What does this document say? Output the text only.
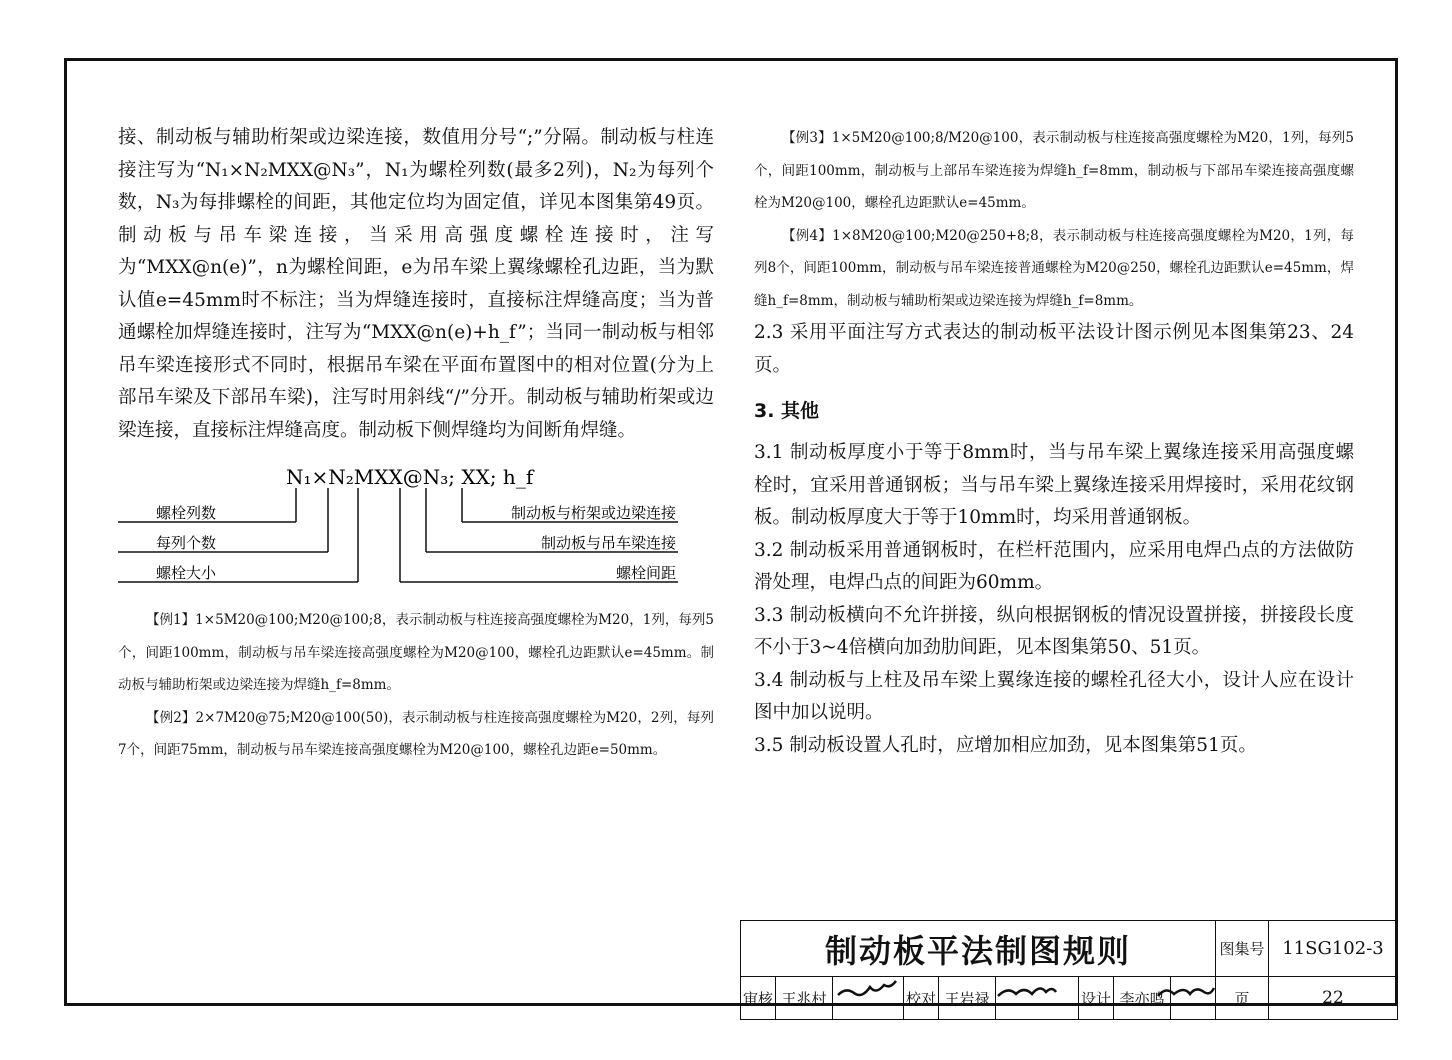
接、制动板与辅助桁架或边梁连接，数值用分号“;”分隔。制动板与柱连接注写为“N₁×N₂MXX@N₃”，N₁为螺栓列数(最多2列)，N₂为每列个数，N₃为每排螺栓的间距，其他定位均为固定值，详见本图集第49页。制动板与吊车梁连接，当采用高强度螺栓连接时，注写为“MXX@n(e)”，n为螺栓间距，e为吊车梁上翼缘螺栓孔边距，当为默认值e=45mm时不标注；当为焊缝连接时，直接标注焊缝高度；当为普通螺栓加焊缝连接时，注写为“MXX@n(e)+h_f”；当同一制动板与相邻吊车梁连接形式不同时，根据吊车梁在平面布置图中的相对位置(分为上部吊车梁及下部吊车梁)，注写时用斜线“/”分开。制动板与辅助桁架或边梁连接，直接标注焊缝高度。制动板下侧焊缝均为间断角焊缝。

N₁×N₂MXX@N₃; XX; h_f
螺栓列数
每列个数
螺栓大小
制动板与桁架或边梁连接
制动板与吊车梁连接
螺栓间距

【例1】1×5M20@100;M20@100;8，表示制动板与柱连接高强度螺栓为M20，1列，每列5个，间距100mm，制动板与吊车梁连接高强度螺栓为M20@100，螺栓孔边距默认e=45mm。制动板与辅助桁架或边梁连接为焊缝h_f=8mm。

【例2】2×7M20@75;M20@100(50)，表示制动板与柱连接高强度螺栓为M20，2列，每列7个，间距75mm，制动板与吊车梁连接高强度螺栓为M20@100，螺栓孔边距e=50mm。

【例3】1×5M20@100;8/M20@100，表示制动板与柱连接高强度螺栓为M20，1列，每列5个，间距100mm，制动板与上部吊车梁连接为焊缝h_f=8mm，制动板与下部吊车梁连接高强度螺栓为M20@100，螺栓孔边距默认e=45mm。

【例4】1×8M20@100;M20@250+8;8，表示制动板与柱连接高强度螺栓为M20，1列，每列8个，间距100mm，制动板与吊车梁连接普通螺栓为M20@250，螺栓孔边距默认e=45mm，焊缝h_f=8mm，制动板与辅助桁架或边梁连接为焊缝h_f=8mm。

2.3 采用平面注写方式表达的制动板平法设计图示例见本图集第23、24页。

3. 其他

3.1 制动板厚度小于等于8mm时，当与吊车梁上翼缘连接采用高强度螺栓时，宜采用普通钢板；当与吊车梁上翼缘连接采用焊接时，采用花纹钢板。制动板厚度大于等于10mm时，均采用普通钢板。

3.2 制动板采用普通钢板时，在栏杆范围内，应采用电焊凸点的方法做防滑处理，电焊凸点的间距为60mm。

3.3 制动板横向不允许拼接，纵向根据钢板的情况设置拼接，拼接段长度不小于3~4倍横向加劲肋间距，见本图集第50、51页。

3.4 制动板与上柱及吊车梁上翼缘连接的螺栓孔径大小，设计人应在设计图中加以说明。

3.5 制动板设置人孔时，应增加相应加劲，见本图集第51页。

制动板平法制图规则									图集号	11SG102-3
审核	王兆村		校对	王岩禄		设计	李亦鸣		页	22
